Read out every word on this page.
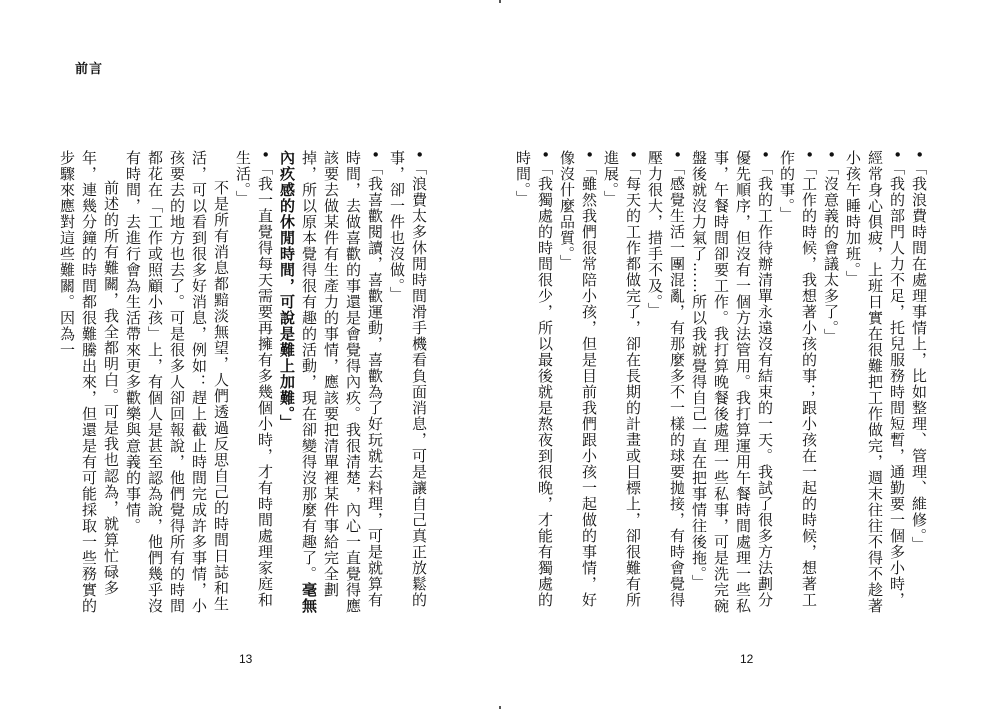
前言

•「我浪費時間在處理事情上，比如整理、管理、維修。」

•「我的部門人力不足，托兒服務時間短暫，通勤要一個多小時，經常身心俱疲，上班日實在很難把工作做完，週末往往不得不趁著小孩午睡時加班。」

•「沒意義的會議太多了。」

•「工作的時候，我想著小孩的事；跟小孩在一起的時候，想著工作的事。」

•「我的工作待辦清單永遠沒有結束的一天。我試了很多方法劃分優先順序，但沒有一個方法管用。我打算運用午餐時間處理一些私事，午餐時間卻要工作。我打算晚餐後處理一些私事，可是洗完碗盤後就沒力氣了……所以我就覺得自己一直在把事情往後拖。」

•「感覺生活一團混亂，有那麼多不一樣的球要拋接，有時會覺得壓力很大，措手不及。」

•「每天的工作都做完了，卻在長期的計畫或目標上，卻很難有所進展。」

•「雖然我們很常陪小孩，但是目前我們跟小孩一起做的事情，好像沒什麼品質。」

•「我獨處的時間很少，所以最後就是熬夜到很晚，才能有獨處的時間。」

•「浪費太多休閒時間滑手機看負面消息，可是讓自己真正放鬆的事，卻一件也沒做。」

•「我喜歡閱讀，喜歡運動，喜歡為了好玩就去料理，可是就算有時間，去做喜歡的事還是會覺得內疚。我很清楚，內心一直覺得應該要去做某件有生產力的事情，應該要把清單裡某件事給完全劃掉，所以原本覺得很有趣的活動，現在卻變得沒那麼有趣了。毫無內疚感的休閒時間，可說是難上加難。」

•「我一直覺得每天需要再擁有多幾個小時，才有時間處理家庭和生活。」

不是所有消息都黯淡無望，人們透過反思自己的時間日誌和生活，可以看到很多好消息，例如：趕上截止時間完成許多事情，小孩要去的地方也去了。可是很多人卻回報說，他們覺得所有的時間都花在「工作或照顧小孩」上，有個人是甚至認為說，他們幾乎沒有時間，去進行會為生活帶來更多歡樂與意義的事情。

前述的所有難關，我全都明白。可是我也認為，就算忙碌多年，連幾分鐘的時間都很難騰出來，但還是有可能採取一些務實的步驟來應對這些難關。因為一

13	12
